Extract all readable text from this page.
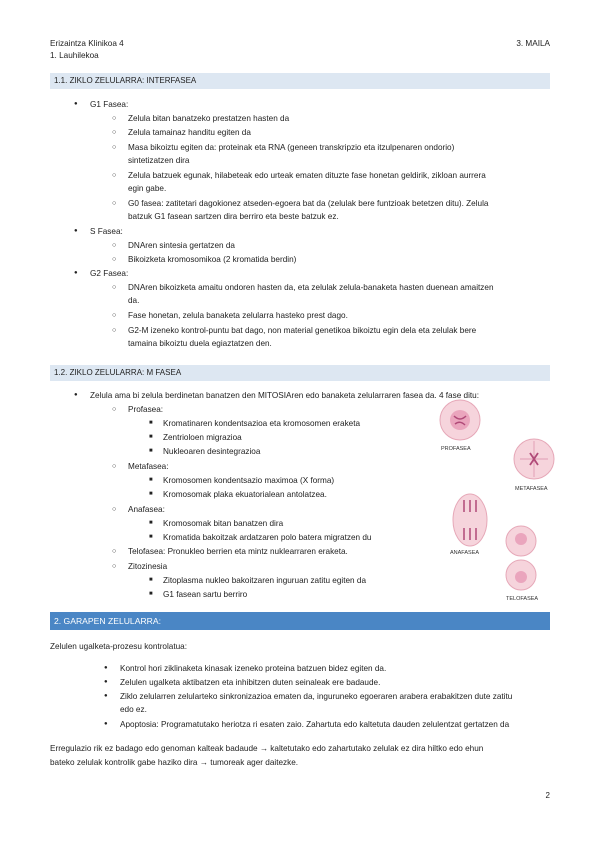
Erizaintza Klinikoa 4
1. Lauhilekoa
3. MAILA
1.1. ZIKLO ZELULARRA: INTERFASEA
● G1 Fasea:
○ Zelula bitan banatzeko prestatzen hasten da
○ Zelula tamainaz handitu egiten da
○ Masa bikoiztu egiten da: proteinak eta RNA (geneen transkripzio eta itzulpenaren ondorio)
sintetizatzen dira
○ Zelula batzuek egunak, hilabeteak edo urteak ematen dituzte fase honetan geldirik, zikloan aurrera
egin gabe.
○ G0 fasea: zatitetari dagokionez atseden-egoera bat da (zelulak bere funtzioak betetzen ditu). Zelula
batzuk G1 fasean sartzen dira berriro eta beste batzuk ez.
● S Fasea:
○ DNAren sintesia gertatzen da
○ Bikoizketa kromosomikoa (2 kromatida berdin)
● G2 Fasea:
○ DNAren bikoizketa amaitu ondoren hasten da, eta zelulak zelula-banaketa hasten duenean amaitzen
da.
○ Fase honetan, zelula banaketa zelularra hasteko prest dago.
○ G2-M izeneko kontrol-puntu bat dago, non material genetikoa bikoiztu egin dela eta zelulak bere
tamaina bikoiztu duela egiaztatzen den.
1.2. ZIKLO ZELULARRA: M FASEA
● Zelula ama bi zelula berdinetan banatzen den MITOSIAren edo banaketa zelularraren fasea da. 4 fase ditu:
○ Profasea:
■ Kromatinaren kondentsazioa eta kromosomen eraketa
■ Zentrioloen migrazioa
■ Nukleoaren desintegrazioa
○ Metafasea:
■ Kromosomen kondentsazio maximoa (X forma)
■ Kromosomak plaka ekuatorialean antolatzea.
○ Anafasea:
■ Kromosomak bitan banatzen dira
■ Kromatida bakoitzak ardatzaren polo batera migratzen du
○ Telofasea: Pronukleo berrien eta mintz nuklearraren eraketa.
○ Zitozinesia
■ Zitoplasma nukleo bakoitzaren inguruan zatitu egiten da
■ G1 fasean sartu berriro
PROFASEA
METAFASEA
ANAFASEA
TELOFASEA
2. GARAPEN ZELULARRA:
Zelulen ugalketa-prozesu kontrolatua:
● Kontrol hori ziklinaketa kinasak izeneko proteina batzuen bidez egiten da.
● Zelulen ugalketa aktibatzen eta inhibitzen duten seinaleak ere badaude.
● Ziklo zelularren zelularteko sinkronizazioa ematen da, inguruneko egoeraren arabera erabakitzen dute zatitu
edo ez.
● Apoptosia: Programatutako heriotza ri esaten zaio. Zahartuta edo kaltetuta dauden zelulentzat gertatzen da
Erregulazio rik ez badago edo genoman kalteak badaude → kaltetutako edo zahartutako zelulak ez dira hiltko edo ehun
bateko zelulak kontrolik gabe haziko dira → tumoreak ager daitezke.
2
